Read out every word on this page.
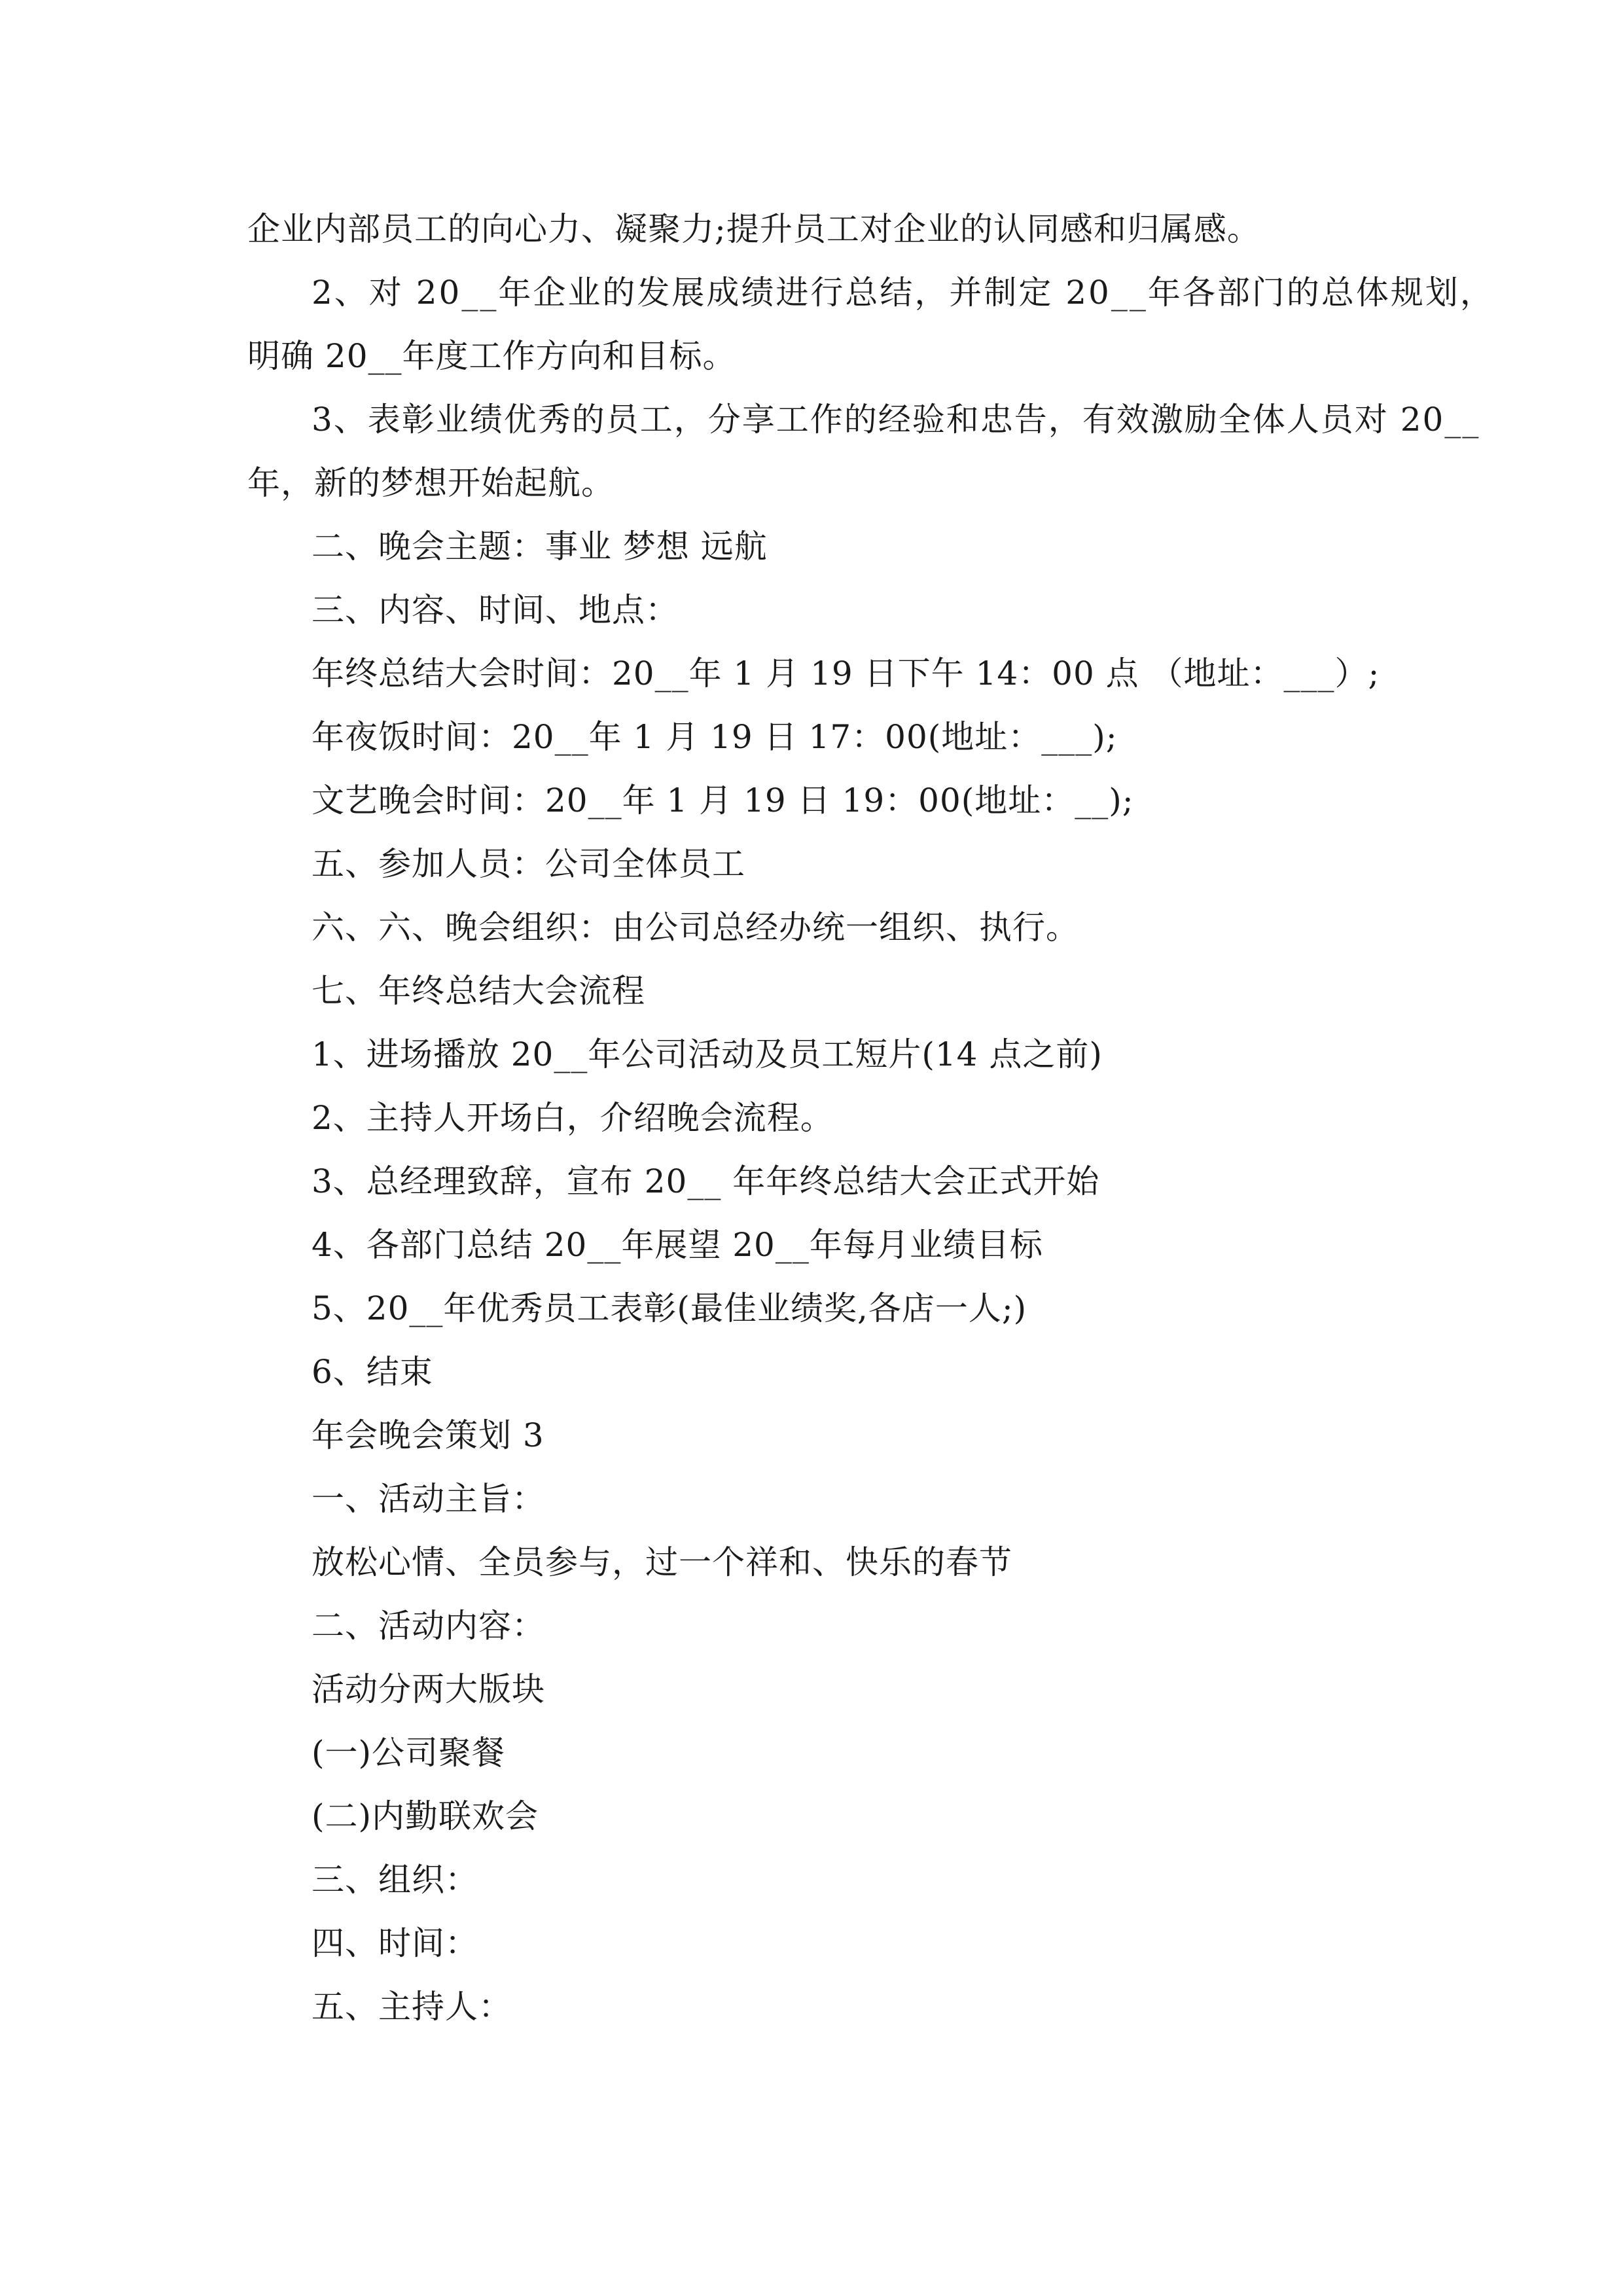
企业内部员工的向心力、凝聚力;提升员工对企业的认同感和归属感。
2、对 20__年企业的发展成绩进行总结，并制定 20__年各部门的总体规划，
明确 20__年度工作方向和目标。
3、表彰业绩优秀的员工，分享工作的经验和忠告，有效激励全体人员对 20__
年，新的梦想开始起航。
二、晚会主题：事业 梦想 远航
三、内容、时间、地点：
年终总结大会时间：20__年 1 月 19 日下午 14：00 点 （地址：___）;
年夜饭时间：20__年 1 月 19 日 17：00(地址：___);
文艺晚会时间：20__年 1 月 19 日 19：00(地址：__);
五、参加人员：公司全体员工
六、六、晚会组织：由公司总经办统一组织、执行。
七、年终总结大会流程
1、进场播放 20__年公司活动及员工短片(14 点之前)
2、主持人开场白，介绍晚会流程。
3、总经理致辞，宣布 20__ 年年终总结大会正式开始
4、各部门总结 20__年展望 20__年每月业绩目标
5、20__年优秀员工表彰(最佳业绩奖,各店一人;)
6、结束
年会晚会策划 3
一、活动主旨：
放松心情、全员参与，过一个祥和、快乐的春节
二、活动内容：
活动分两大版块
(一)公司聚餐
(二)内勤联欢会
三、组织：
四、时间：
五、主持人：
